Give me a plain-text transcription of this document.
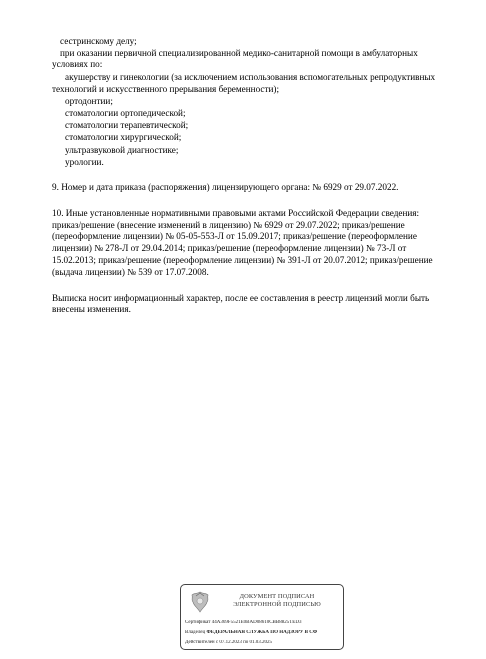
сестринскому делу;
при оказании первичной специализированной медико-санитарной помощи в амбулаторных
условиях по:
акушерству и гинекологии (за исключением использования вспомогательных репродуктивных
технологий и искусственного прерывания беременности);
ортодонтии;
стоматологии ортопедической;
стоматологии терапевтической;
стоматологии хирургической;
ультразвуковой диагностике;
урологии.
9. Номер и дата приказа (распоряжения) лицензирующего органа: № 6929 от 29.07.2022.
10. Иные установленные нормативными правовыми актами Российской Федерации сведения:
приказ/решение (внесение изменений в лицензию) № 6929 от 29.07.2022; приказ/решение
(переоформление лицензии) № 05-05-553-Л от 15.09.2017; приказ/решение (переоформление
лицензии) № 278-Л от 29.04.2014; приказ/решение (переоформление лицензии) № 73-Л от
15.02.2013; приказ/решение (переоформление лицензии) № 391-Л от 20.07.2012; приказ/решение
(выдача лицензии) № 539 от 17.07.2008.
Выписка носит информационный характер, после ее составления в реестр лицензий могли быть
внесены изменения.
ДОКУМЕНТ ПОДПИСАН
ЭЛЕКТРОННОЙ ПОДПИСЬЮ
Сертификат 44A369F5521E0BAD08610CBB8825TED3
Владелец ФЕДЕРАЛЬНАЯ СЛУЖБА ПО НАДЗОРУ В СФ
Действителен с 07.12.2023 по 01.03.2025
